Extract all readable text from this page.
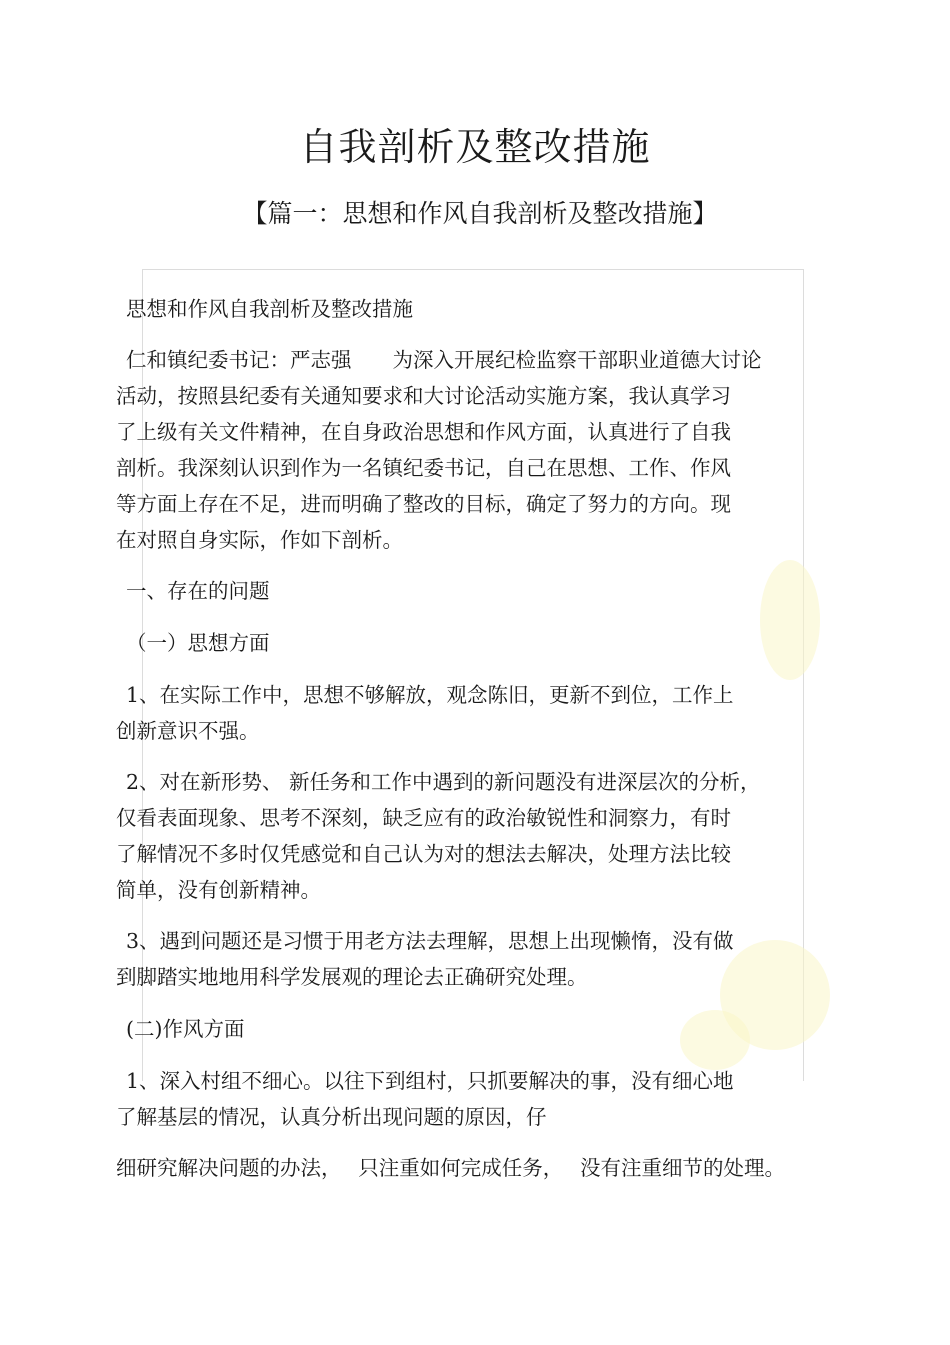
自我剖析及整改措施
【篇一：思想和作风自我剖析及整改措施】
思想和作风自我剖析及整改措施
仁和镇纪委书记：严志强　　为深入开展纪检监察干部职业道德大讨论
活动，按照县纪委有关通知要求和大讨论活动实施方案，我认真学习
了上级有关文件精神，在自身政治思想和作风方面，认真进行了自我
剖析。我深刻认识到作为一名镇纪委书记，自己在思想、工作、作风
等方面上存在不足，进而明确了整改的目标，确定了努力的方向。现
在对照自身实际，作如下剖析。
一、存在的问题
（一）思想方面
1、在实际工作中，思想不够解放，观念陈旧，更新不到位，工作上
创新意识不强。
2、对在新形势、 新任务和工作中遇到的新问题没有进深层次的分析，
仅看表面现象、思考不深刻，缺乏应有的政治敏锐性和洞察力，有时
了解情况不多时仅凭感觉和自己认为对的想法去解决，处理方法比较
简单，没有创新精神。
3、遇到问题还是习惯于用老方法去理解，思想上出现懒惰，没有做
到脚踏实地地用科学发展观的理论去正确研究处理。
(二)作风方面
1、深入村组不细心。以往下到组村，只抓要解决的事，没有细心地
了解基层的情况，认真分析出现问题的原因，仔
细研究解决问题的办法，　 只注重如何完成任务，　 没有注重细节的处理。
